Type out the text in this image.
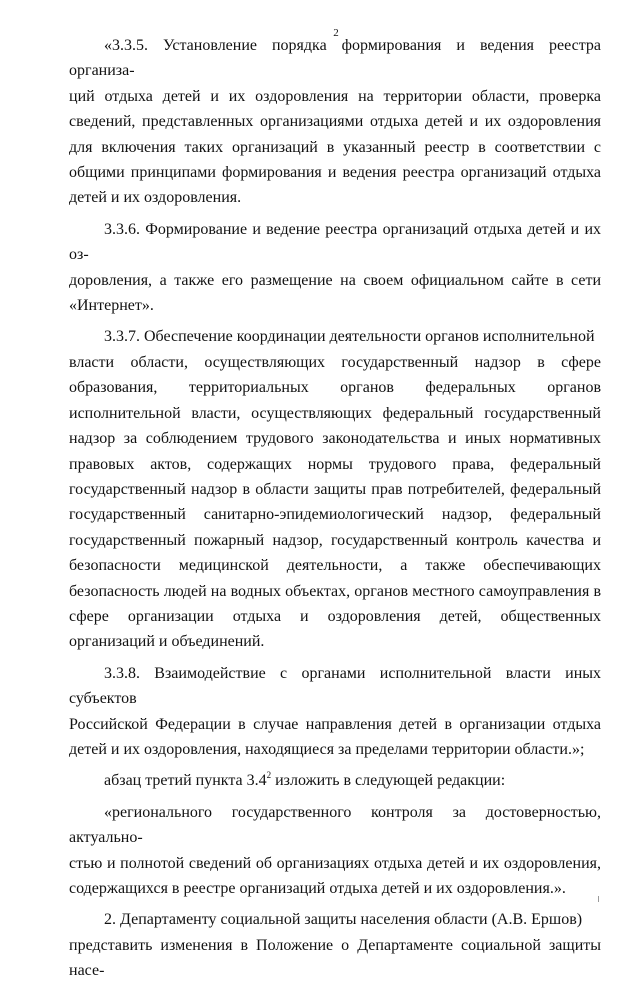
2

«3.3.5. Установление порядка формирования и ведения реестра организа-
ций отдыха детей и их оздоровления на территории области, проверка сведений, представленных организациями отдыха детей и их оздоровления для включения таких организаций в указанный реестр в соответствии с общими принципами формирования и ведения реестра организаций отдыха детей и их оздоровления.

3.3.6. Формирование и ведение реестра организаций отдыха детей и их оз-
доровления, а также его размещение на своем официальном сайте в сети «Интернет».

3.3.7. Обеспечение координации деятельности органов исполнительной
власти области, осуществляющих государственный надзор в сфере образования, территориальных органов федеральных органов исполнительной власти, осуществляющих федеральный государственный надзор за соблюдением трудового законодательства и иных нормативных правовых актов, содержащих нормы трудового права, федеральный государственный надзор в области защиты прав потребителей, федеральный государственный санитарно-эпидемиологический надзор, федеральный государственный пожарный надзор, государственный контроль качества и безопасности медицинской деятельности, а также обеспечивающих безопасность людей на водных объектах, органов местного самоуправления в сфере организации отдыха и оздоровления детей, общественных организаций и объединений.

3.3.8. Взаимодействие с органами исполнительной власти иных субъектов
Российской Федерации в случае направления детей в организации отдыха детей и их оздоровления, находящиеся за пределами территории области.»;

абзац третий пункта $3.4^2$ изложить в следующей редакции:

«регионального государственного контроля за достоверностью, актуально-
стью и полнотой сведений об организациях отдыха детей и их оздоровления, содержащихся в реестре организаций отдыха детей и их оздоровления.».

2. Департаменту социальной защиты населения области (А.В. Ершов)
представить изменения в Положение о Департаменте социальной защиты насе-
